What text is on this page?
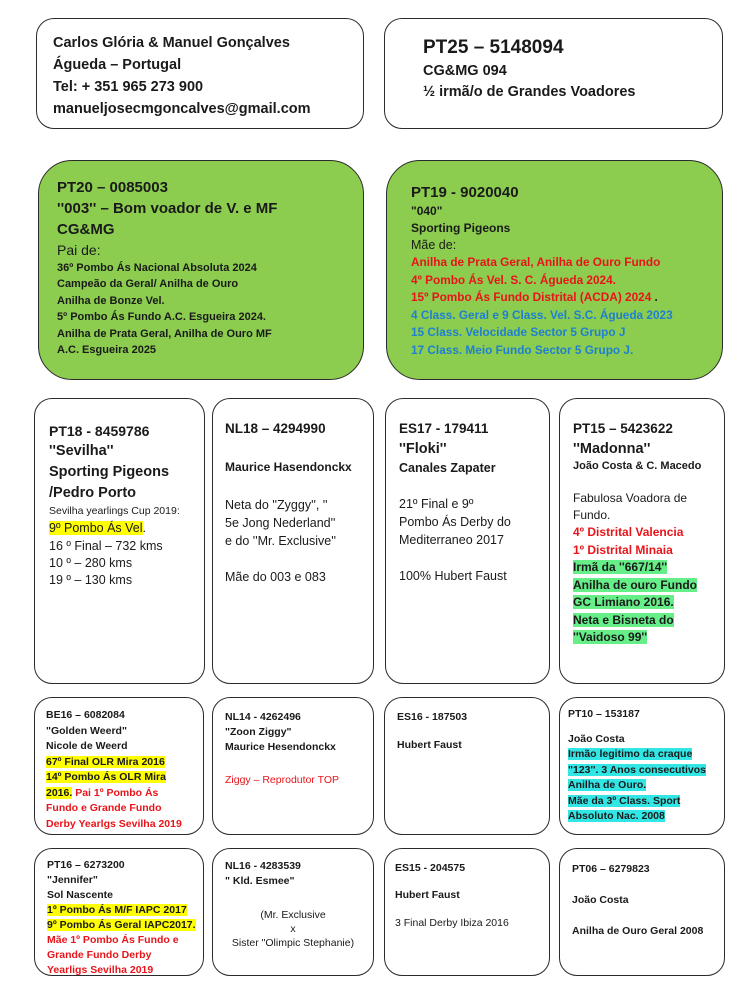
Carlos Glória & Manuel Gonçalves
Águeda – Portugal
Tel: + 351 965 273 900
manueljosecmgoncalves@gmail.com
PT25 – 5148094
CG&MG 094
½ irmã/o de Grandes Voadores
PT20 – 0085003
''003'' – Bom voador de V. e MF
CG&MG
Pai de:
36º Pombo Ás Nacional Absoluta 2024
Campeão da Geral/ Anilha de Ouro
Anilha de Bonze Vel.
5º Pombo Ás Fundo A.C. Esgueira 2024.
Anilha de Prata Geral, Anilha de Ouro MF
A.C. Esgueira 2025
PT19 - 9020040
"040"
Sporting Pigeons
Mãe de:
Anilha de Prata Geral, Anilha de Ouro Fundo
4º Pombo Ás Vel. S. C. Águeda 2024.
15º Pombo Ás Fundo Distrital (ACDA) 2024 .
4 Class. Geral e 9 Class. Vel. S.C. Águeda 2023
15 Class. Velocidade Sector 5 Grupo J
17 Class. Meio Fundo Sector 5 Grupo J.
PT18 - 8459786
''Sevilha''
Sporting Pigeons
/Pedro Porto
Sevilha yearlings Cup 2019:
9º Pombo Ás Vel.
16 º Final – 732 kms
10 º – 280 kms
19 º – 130 kms
NL18 – 4294990
Maurice Hasendonckx
Neta do ''Zyggy'', ''
5e Jong Nederland''
e do ''Mr. Exclusive''
Mãe do 003 e 083
ES17 - 179411
''Floki''
Canales Zapater
21º Final e 9º
Pombo Ás Derby do
Mediterraneo 2017
100% Hubert Faust
PT15 – 5423622
''Madonna''
João Costa & C. Macedo
Fabulosa Voadora de
Fundo.
4º Distrital Valencia
1º Distrital Minaia
Irmã da ''667/14''
Anilha de ouro Fundo
GC Limiano 2016.
Neta e Bisneta do
''Vaidoso 99''
BE16 – 6082084
"Golden Weerd"
Nicole de Weerd
67º Final OLR Mira 2016
14º Pombo Ás OLR Mira
2016. Pai 1º Pombo Ás
Fundo e Grande Fundo
Derby Yearlgs Sevilha 2019
NL14 - 4262496
"Zoon Ziggy"
Maurice Hesendonckx
Ziggy – Reprodutor TOP
ES16 - 187503
Hubert Faust
PT10 – 153187
João Costa
Irmão legitimo da craque
"123''. 3 Anos consecutivos
Anilha de Ouro.
Mãe da 3º Class. Sport
Absoluto Nac. 2008
PT16 – 6273200
"Jennifer"
Sol Nascente
1º Pombo Ás M/F IAPC 2017
9º Pombo Ás Geral IAPC2017.
Mãe 1º Pombo Ás Fundo e
Grande Fundo Derby
Yearligs Sevilha 2019
NL16 - 4283539
" Kld. Esmee"
(Mr. Exclusive
x
Sister "Olimpic Stephanie)
ES15 - 204575
Hubert Faust
3 Final Derby Ibiza 2016
PT06 – 6279823
João Costa
Anilha de Ouro Geral 2008
